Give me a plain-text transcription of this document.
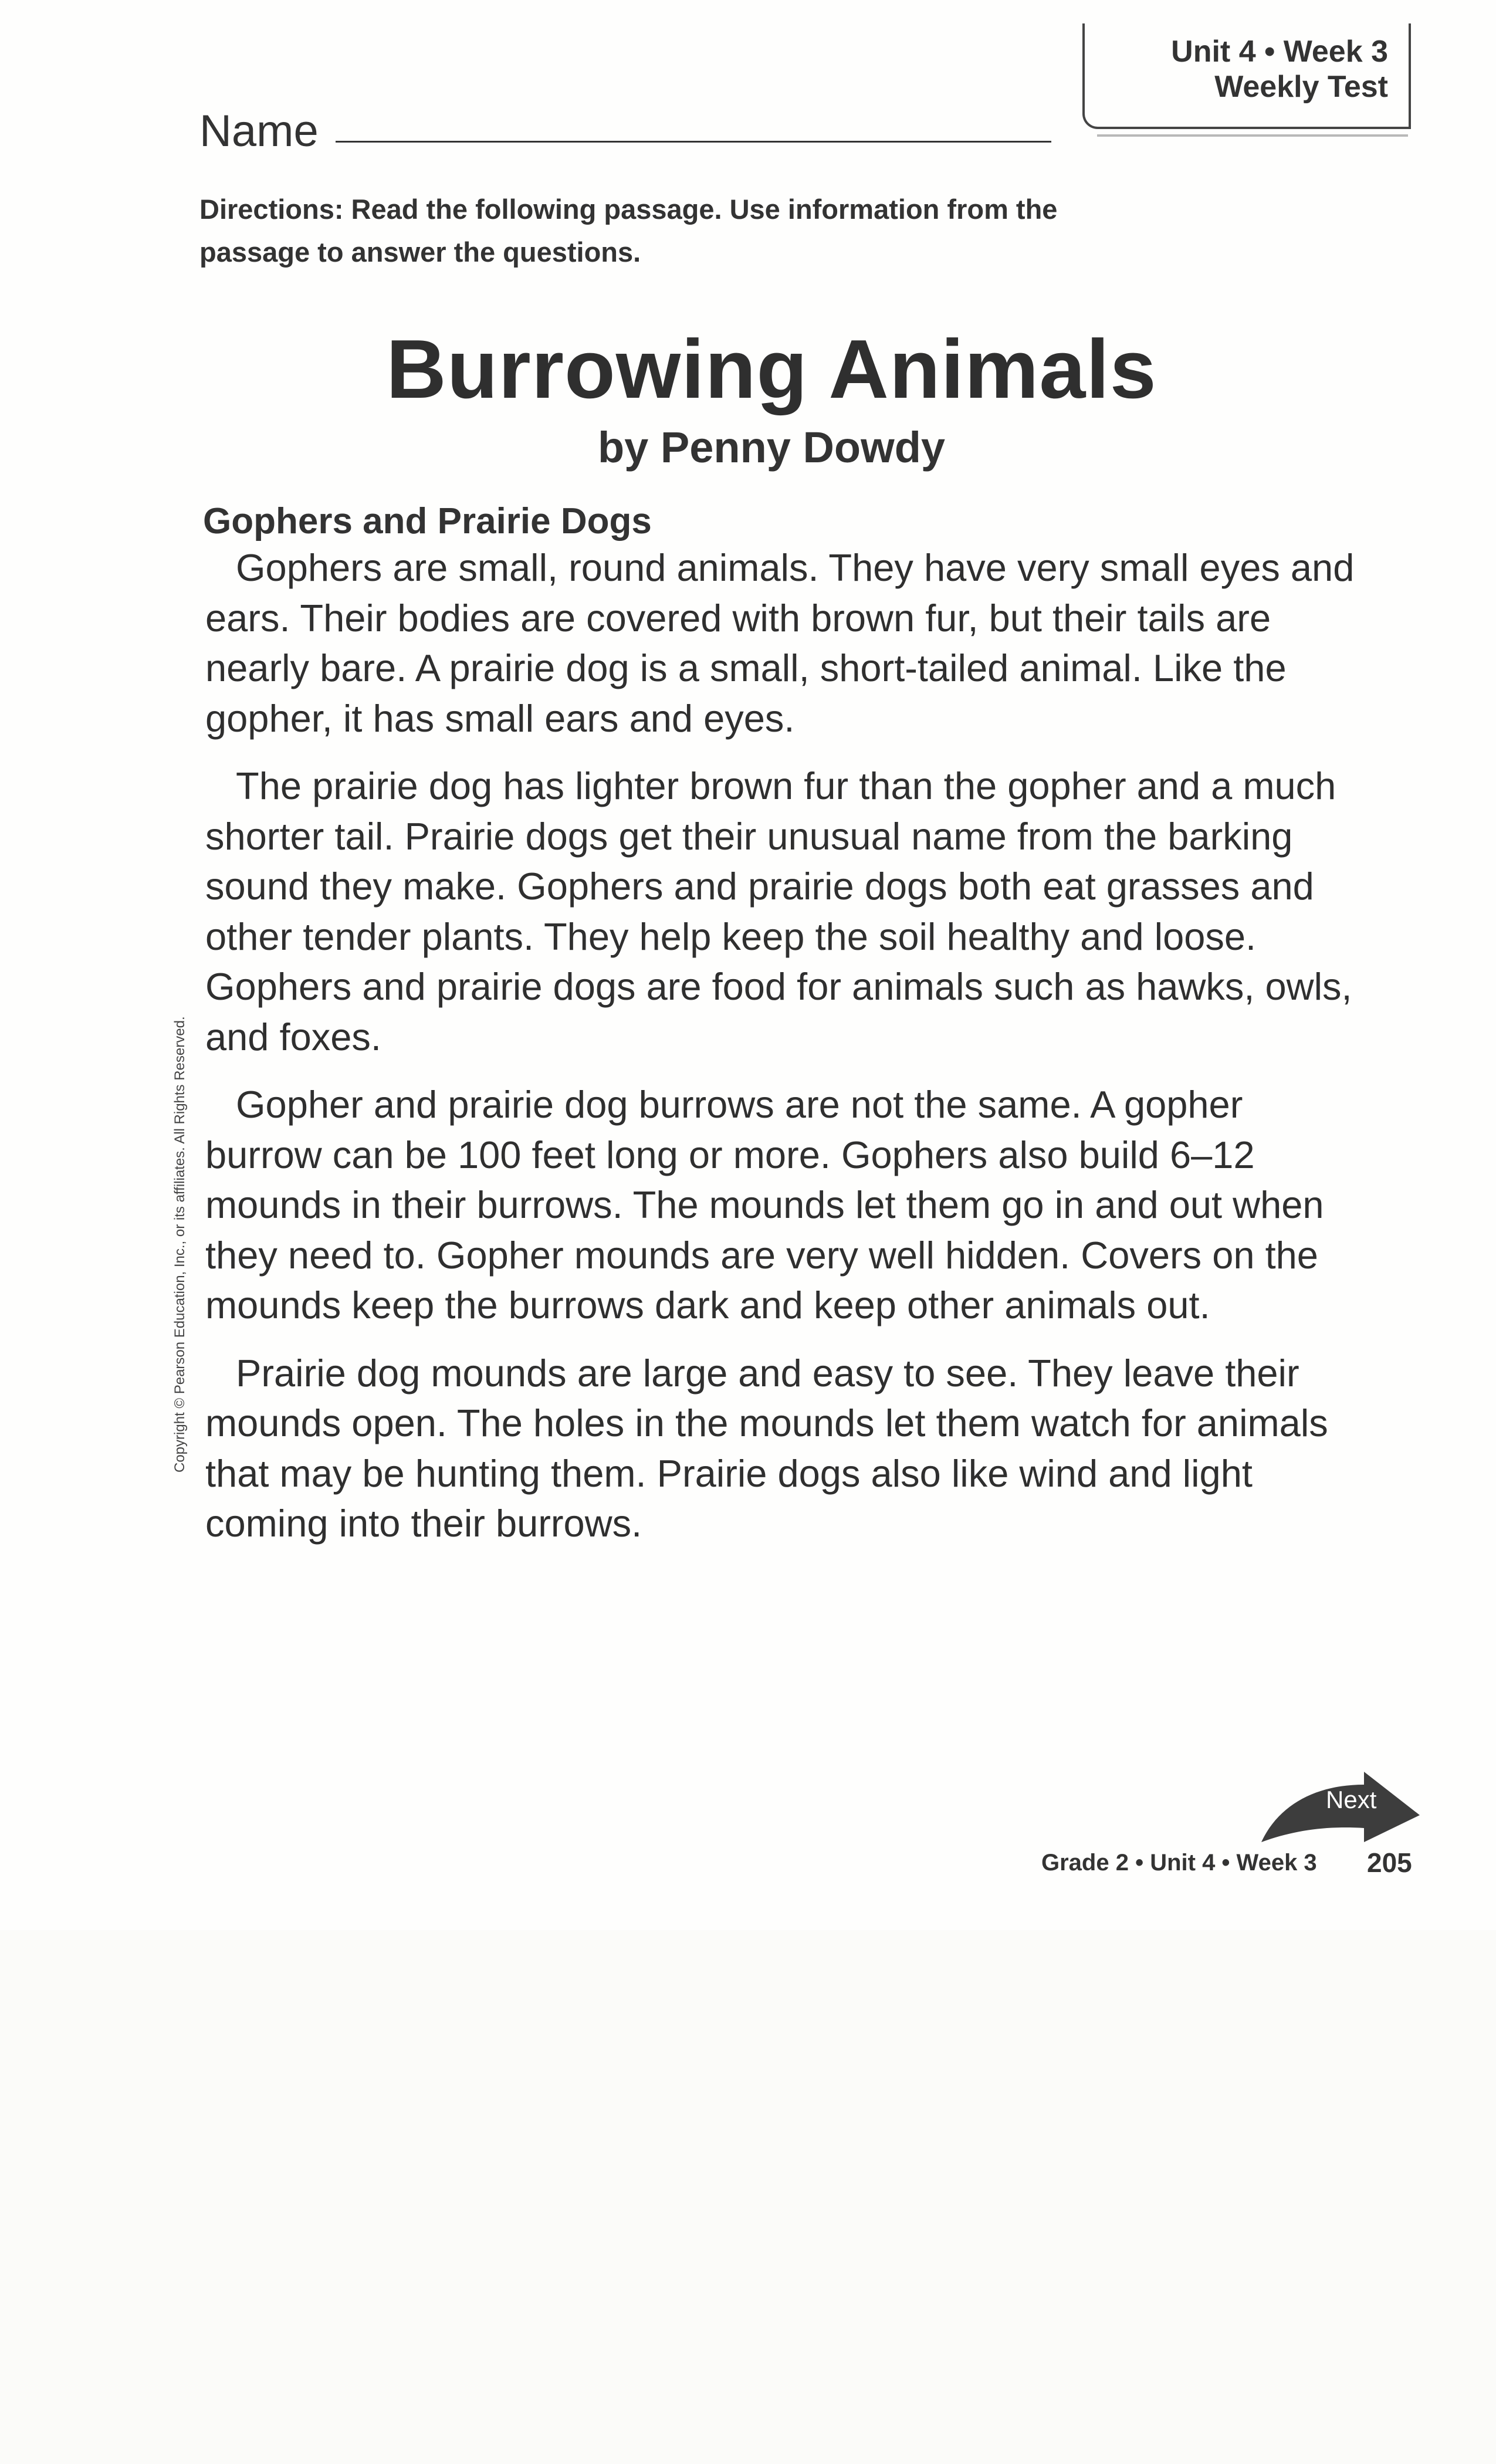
Unit 4 • Week 3
Weekly Test
Name
Directions: Read the following passage. Use information from the passage to answer the questions.
Burrowing Animals
by Penny Dowdy
Gophers and Prairie Dogs

Gophers are small, round animals. They have very small eyes and ears. Their bodies are covered with brown fur, but their tails are nearly bare. A prairie dog is a small, short-tailed animal. Like the gopher, it has small ears and eyes.

The prairie dog has lighter brown fur than the gopher and a much shorter tail. Prairie dogs get their unusual name from the barking sound they make. Gophers and prairie dogs both eat grasses and other tender plants. They help keep the soil healthy and loose. Gophers and prairie dogs are food for animals such as hawks, owls, and foxes.

Gopher and prairie dog burrows are not the same. A gopher burrow can be 100 feet long or more. Gophers also build 6–12 mounds in their burrows. The mounds let them go in and out when they need to. Gopher mounds are very well hidden. Covers on the mounds keep the burrows dark and keep other animals out.

Prairie dog mounds are large and easy to see. They leave their mounds open. The holes in the mounds let them watch for animals that may be hunting them. Prairie dogs also like wind and light coming into their burrows.

Copyright © Pearson Education, Inc., or its affiliates. All Rights Reserved.
Next
Grade 2 • Unit 4 • Week 3 205
